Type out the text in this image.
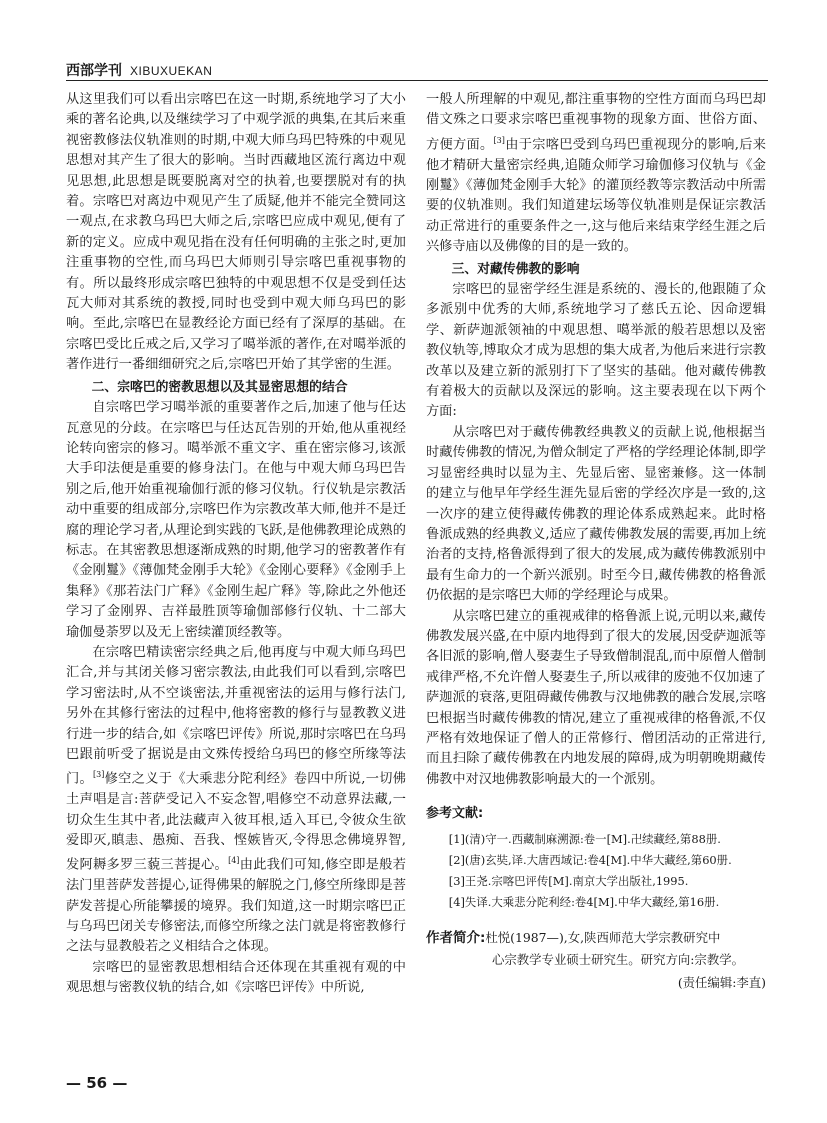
西部学刊 XIBUXUEKAN

从这里我们可以看出宗喀巴在这一时期,系统地学习了大小乘的著名论典,以及继续学习了中观学派的典集,在其后来重视密教修法仪轨准则的时期,中观大师乌玛巴特殊的中观见思想对其产生了很大的影响。当时西藏地区流行离边中观见思想,此思想是既要脱离对空的执着,也要摆脱对有的执着。宗喀巴对离边中观见产生了质疑,他并不能完全赞同这一观点,在求教乌玛巴大师之后,宗喀巴应成中观见,便有了新的定义。应成中观见指在没有任何明确的主张之时,更加注重事物的空性,而乌玛巴大师则引导宗喀巴重视事物的有。所以最终形成宗喀巴独特的中观思想不仅是受到任达瓦大师对其系统的教授,同时也受到中观大师乌玛巴的影响。至此,宗喀巴在显教经论方面已经有了深厚的基础。在宗喀巴受比丘戒之后,又学习了噶举派的著作,在对噶举派的著作进行一番细细研究之后,宗喀巴开始了其学密的生涯。

二、宗喀巴的密教思想以及其显密思想的结合

自宗喀巴学习噶举派的重要著作之后,加速了他与任达瓦意见的分歧。在宗喀巴与任达瓦告别的开始,他从重视经论转向密宗的修习。噶举派不重文字、重在密宗修习,该派大手印法便是重要的修身法门。在他与中观大师乌玛巴告别之后,他开始重视瑜伽行派的修习仪轨。行仪轨是宗教活动中重要的组成部分,宗喀巴作为宗教改革大师,他并不是迁腐的理论学习者,从理论到实践的飞跃,是他佛教理论成熟的标志。在其密教思想逐渐成熟的时期,他学习的密教著作有《金刚鬘》《薄伽梵金刚手大轮》《金刚心要释》《金刚手上集释》《那若法门广释》《金刚生起广释》等,除此之外他还学习了金刚界、吉祥最胜顶等瑜伽部修行仪轨、十二部大瑜伽曼荼罗以及无上密续灌顶经教等。

在宗喀巴精读密宗经典之后,他再度与中观大师乌玛巴汇合,并与其闭关修习密宗教法,由此我们可以看到,宗喀巴学习密法时,从不空谈密法,并重视密法的运用与修行法门,另外在其修行密法的过程中,他将密教的修行与显教教义进行进一步的结合,如《宗喀巴评传》所说,那时宗喀巴在乌玛巴跟前听受了据说是由文殊传授给乌玛巴的修空所缘等法门。[3]修空之义于《大乘悲分陀利经》卷四中所说,一切佛土声唱是言:菩萨受记入不妄念智,唱修空不动意界法藏,一切众生生其中者,此法藏声入彼耳根,适入耳已,令彼众生欲爱即灭,瞋恚、愚痴、吾我、悭嫉皆灭,令得思念佛境界智,发阿耨多罗三藐三菩提心。[4]由此我们可知,修空即是般若法门里菩萨发菩提心,证得佛果的解脱之门,修空所缘即是菩萨发菩提心所能攀援的境界。我们知道,这一时期宗喀巴正与乌玛巴闭关专修密法,而修空所缘之法门就是将密教修行之法与显教般若之义相结合之体现。

宗喀巴的显密教思想相结合还体现在其重视有观的中观思想与密教仪轨的结合,如《宗喀巴评传》中所说,

一般人所理解的中观见,都注重事物的空性方面而乌玛巴却借文殊之口要求宗喀巴重视事物的现象方面、世俗方面、方便方面。[3]由于宗喀巴受到乌玛巴重视现分的影响,后来他才精研大量密宗经典,追随众师学习瑜伽修习仪轨与《金刚鬘》《薄伽梵金刚手大轮》的灌顶经教等宗教活动中所需要的仪轨准则。我们知道建坛场等仪轨准则是保证宗教活动正常进行的重要条件之一,这与他后来结束学经生涯之后兴修寺庙以及佛像的目的是一致的。

三、对藏传佛教的影响

宗喀巴的显密学经生涯是系统的、漫长的,他跟随了众多派别中优秀的大师,系统地学习了慈氏五论、因命逻辑学、新萨迦派领袖的中观思想、噶举派的般若思想以及密教仪轨等,博取众才成为思想的集大成者,为他后来进行宗教改革以及建立新的派别打下了坚实的基础。他对藏传佛教有着极大的贡献以及深远的影响。这主要表现在以下两个方面:

从宗喀巴对于藏传佛教经典教义的贡献上说,他根据当时藏传佛教的情况,为僧众制定了严格的学经理论体制,即学习显密经典时以显为主、先显后密、显密兼修。这一体制的建立与他早年学经生涯先显后密的学经次序是一致的,这一次序的建立使得藏传佛教的理论体系成熟起来。此时格鲁派成熟的经典教义,适应了藏传佛教发展的需要,再加上统治者的支持,格鲁派得到了很大的发展,成为藏传佛教派别中最有生命力的一个新兴派别。时至今日,藏传佛教的格鲁派仍依据的是宗喀巴大师的学经理论与成果。

从宗喀巴建立的重视戒律的格鲁派上说,元明以来,藏传佛教发展兴盛,在中原内地得到了很大的发展,因受萨迦派等各旧派的影响,僧人娶妻生子导致僧制混乱,而中原僧人僧制戒律严格,不允许僧人娶妻生子,所以戒律的废弛不仅加速了萨迦派的衰落,更阻碍藏传佛教与汉地佛教的融合发展,宗喀巴根据当时藏传佛教的情况,建立了重视戒律的格鲁派,不仅严格有效地保证了僧人的正常修行、僧团活动的正常进行,而且扫除了藏传佛教在内地发展的障碍,成为明朝晚期藏传佛教中对汉地佛教影响最大的一个派别。

参考文献:

[1](清)守一.西藏制麻溯源:卷一[M].卍续藏经,第88册.

[2](唐)玄奘,译.大唐西域记:卷4[M].中华大藏经,第60册.

[3]王尧.宗喀巴评传[M].南京大学出版社,1995.

[4]失译.大乘悲分陀利经:卷4[M].中华大藏经,第16册.

作者简介:杜悦(1987—),女,陕西师范大学宗教研究中
心宗教学专业硕士研究生。研究方向:宗教学。
(责任编辑:李直)
— 56 —
